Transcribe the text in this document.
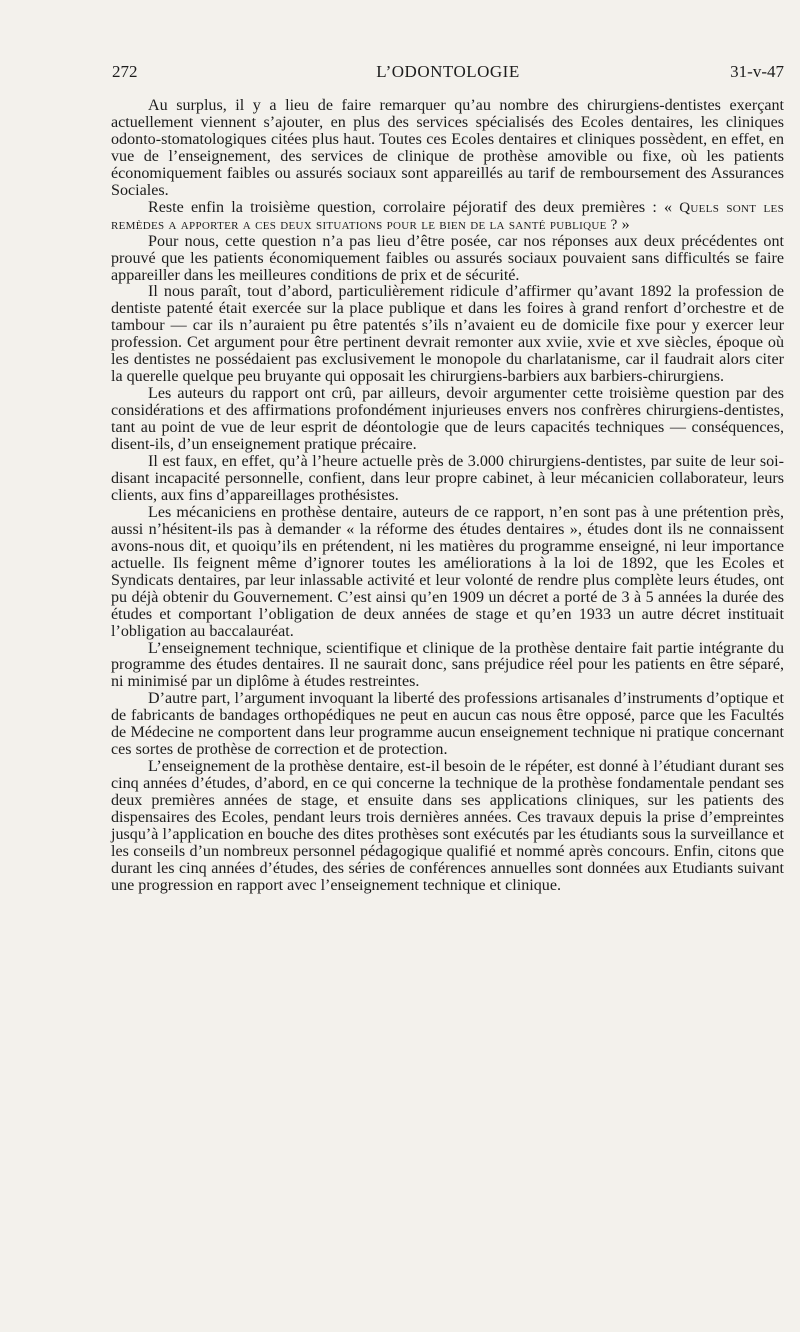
272	L’ODONTOLOGIE	31-v-47

Au surplus, il y a lieu de faire remarquer qu’au nombre des chirurgiens-dentistes exerçant actuellement viennent s’ajouter, en plus des services spécialisés des Ecoles dentaires, les cliniques odonto-stomatologiques citées plus haut. Toutes ces Ecoles dentaires et cliniques possèdent, en effet, en vue de l’enseignement, des services de clinique de prothèse amovible ou fixe, où les patients économiquement faibles ou assurés sociaux sont appareillés au tarif de remboursement des Assurances Sociales.

Reste enfin la troisième question, corrolaire péjoratif des deux premières : « Quels sont les remèdes a apporter a ces deux situations pour le bien de la santé publique ? »

Pour nous, cette question n’a pas lieu d’être posée, car nos réponses aux deux précédentes ont prouvé que les patients économiquement faibles ou assurés sociaux pouvaient sans difficultés se faire appareiller dans les meilleures conditions de prix et de sécurité.

Il nous paraît, tout d’abord, particulièrement ridicule d’affirmer qu’avant 1892 la profession de dentiste patenté était exercée sur la place publique et dans les foires à grand renfort d’orchestre et de tambour — car ils n’auraient pu être patentés s’ils n’avaient eu de domicile fixe pour y exercer leur profession. Cet argument pour être pertinent devrait remonter aux xviie, xvie et xve siècles, époque où les dentistes ne possédaient pas exclusivement le monopole du charlatanisme, car il faudrait alors citer la querelle quelque peu bruyante qui opposait les chirurgiens-barbiers aux barbiers-chirurgiens.

Les auteurs du rapport ont crû, par ailleurs, devoir argumenter cette troisième question par des considérations et des affirmations profondément injurieuses envers nos confrères chirurgiens-dentistes, tant au point de vue de leur esprit de déontologie que de leurs capacités techniques — conséquences, disent-ils, d’un enseignement pratique précaire.

Il est faux, en effet, qu’à l’heure actuelle près de 3.000 chirurgiens-dentistes, par suite de leur soi-disant incapacité personnelle, confient, dans leur propre cabinet, à leur mécanicien collaborateur, leurs clients, aux fins d’appareillages prothésistes.

Les mécaniciens en prothèse dentaire, auteurs de ce rapport, n’en sont pas à une prétention près, aussi n’hésitent-ils pas à demander « la réforme des études dentaires », études dont ils ne connaissent avons-nous dit, et quoiqu’ils en prétendent, ni les matières du programme enseigné, ni leur importance actuelle. Ils feignent même d’ignorer toutes les améliorations à la loi de 1892, que les Ecoles et Syndicats dentaires, par leur inlassable activité et leur volonté de rendre plus complète leurs études, ont pu déjà obtenir du Gouvernement. C’est ainsi qu’en 1909 un décret a porté de 3 à 5 années la durée des études et comportant l’obligation de deux années de stage et qu’en 1933 un autre décret instituait l’obligation au baccalauréat.

L’enseignement technique, scientifique et clinique de la prothèse dentaire fait partie intégrante du programme des études dentaires. Il ne saurait donc, sans préjudice réel pour les patients en être séparé, ni minimisé par un diplôme à études restreintes.

D’autre part, l’argument invoquant la liberté des professions artisanales d’instruments d’optique et de fabricants de bandages orthopédiques ne peut en aucun cas nous être opposé, parce que les Facultés de Médecine ne comportent dans leur programme aucun enseignement technique ni pratique concernant ces sortes de prothèse de correction et de protection.

L’enseignement de la prothèse dentaire, est-il besoin de le répéter, est donné à l’étudiant durant ses cinq années d’études, d’abord, en ce qui concerne la technique de la prothèse fondamentale pendant ses deux premières années de stage, et ensuite dans ses applications cliniques, sur les patients des dispensaires des Ecoles, pendant leurs trois dernières années. Ces travaux depuis la prise d’empreintes jusqu’à l’application en bouche des dites prothèses sont exécutés par les étudiants sous la surveillance et les conseils d’un nombreux personnel pédagogique qualifié et nommé après concours. Enfin, citons que durant les cinq années d’études, des séries de conférences annuelles sont données aux Etudiants suivant une progression en rapport avec l’enseignement technique et clinique.
